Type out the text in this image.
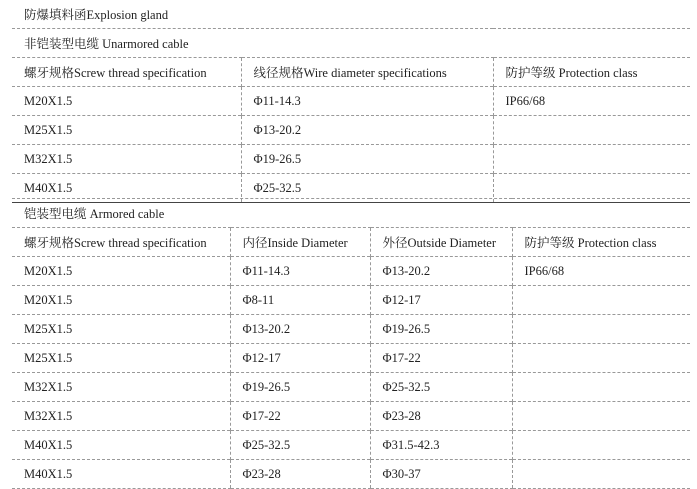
防爆填料函Explosion gland
非铠装型电缆 Unarmored cable		
螺牙规格Screw thread specification	线径规格Wire diameter specifications	防护等级 Protection class
M20X1.5	Φ11-14.3	IP66/68
M25X1.5	Φ13-20.2	
M32X1.5	Φ19-26.5	
M40X1.5	Φ25-32.5	
铠装型电缆 Armored cable			
螺牙规格Screw thread specification	内径Inside Diameter	外径Outside Diameter	防护等级 Protection class
M20X1.5	Φ11-14.3	Φ13-20.2	IP66/68
M20X1.5	Φ8-11	Φ12-17	
M25X1.5	Φ13-20.2	Φ19-26.5	
M25X1.5	Φ12-17	Φ17-22	
M32X1.5	Φ19-26.5	Φ25-32.5	
M32X1.5	Φ17-22	Φ23-28	
M40X1.5	Φ25-32.5	Φ31.5-42.3	
M40X1.5	Φ23-28	Φ30-37	
